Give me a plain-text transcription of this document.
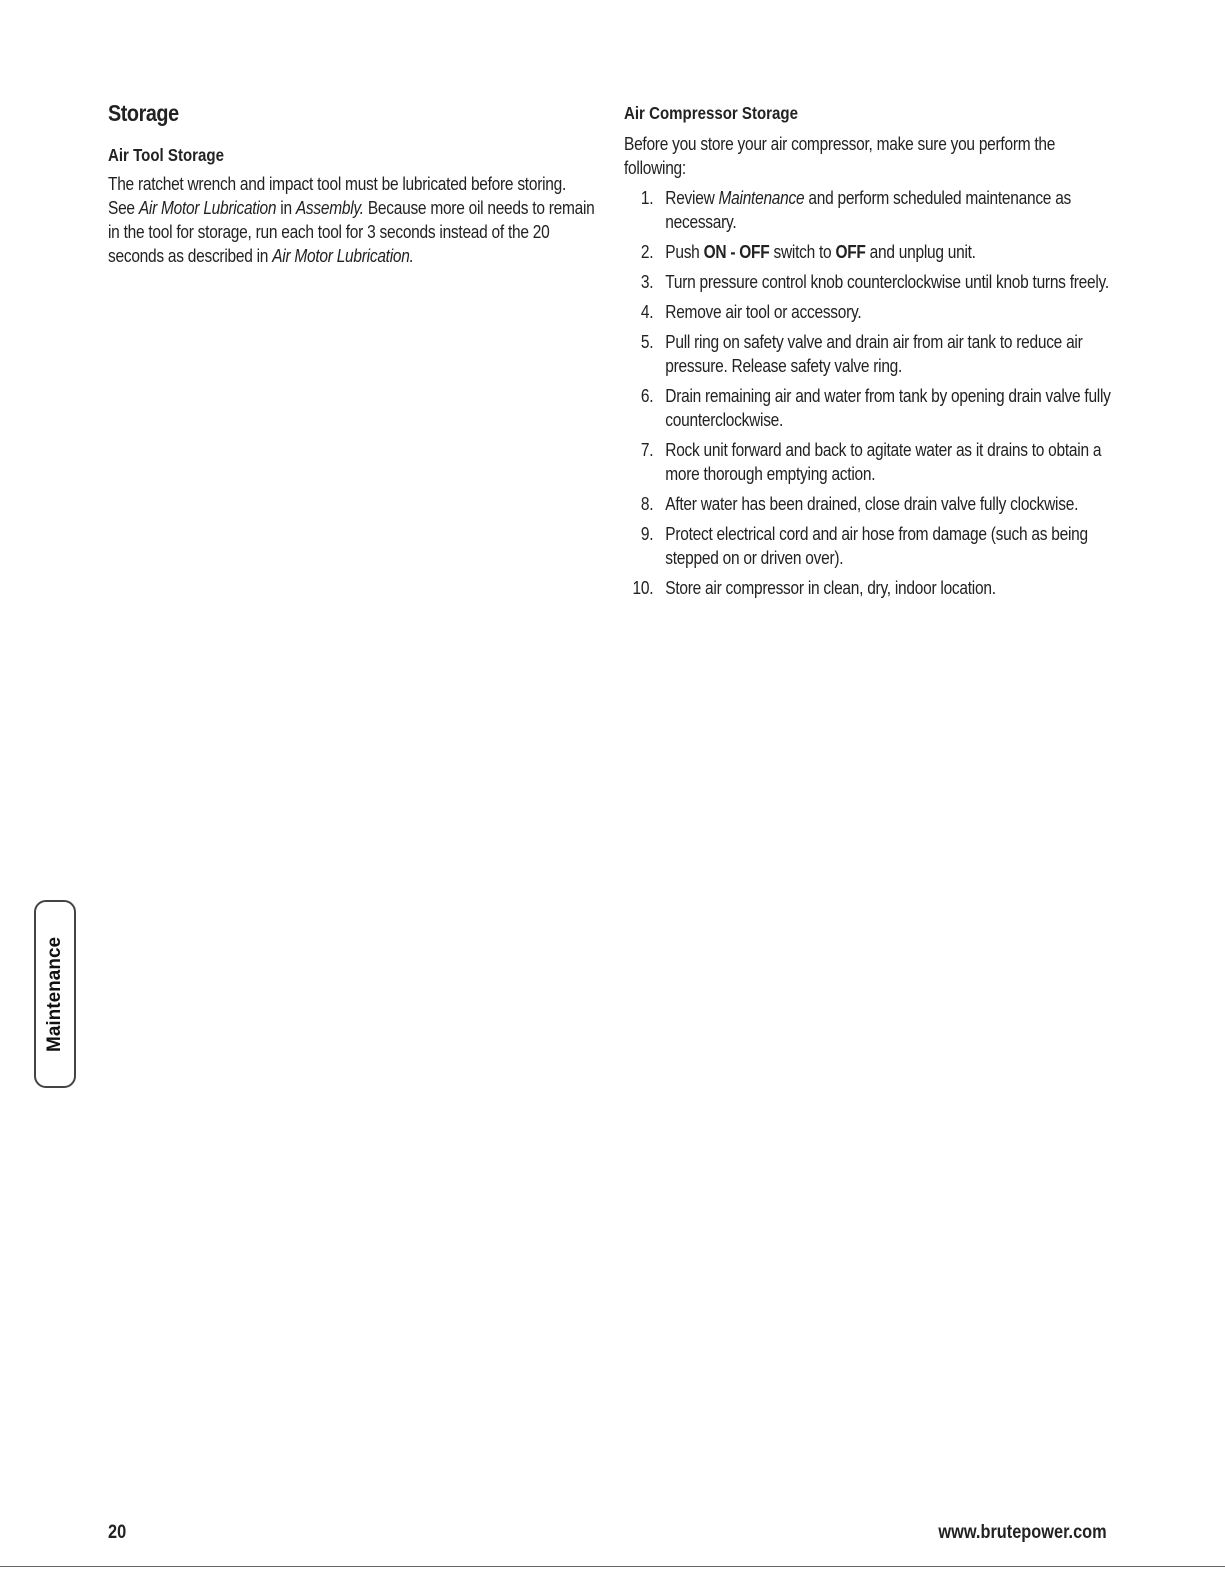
Storage
Air Tool Storage

The ratchet wrench and impact tool must be lubricated before storing. See Air Motor Lubrication in Assembly. Because more oil needs to remain in the tool for storage, run each tool for 3 seconds instead of the 20 seconds as described in Air Motor Lubrication.

Air Compressor Storage

Before you store your air compressor, make sure you perform the following:

1. Review Maintenance and perform scheduled maintenance as necessary.
2. Push ON - OFF switch to OFF and unplug unit.
3. Turn pressure control knob counterclockwise until knob turns freely.
4. Remove air tool or accessory.
5. Pull ring on safety valve and drain air from air tank to reduce air pressure. Release safety valve ring.
6. Drain remaining air and water from tank by opening drain valve fully counterclockwise.
7. Rock unit forward and back to agitate water as it drains to obtain a more thorough emptying action.
8. After water has been drained, close drain valve fully clockwise.
9. Protect electrical cord and air hose from damage (such as being stepped on or driven over).
10. Store air compressor in clean, dry, indoor location.
Maintenance
20	www.brutepower.com
